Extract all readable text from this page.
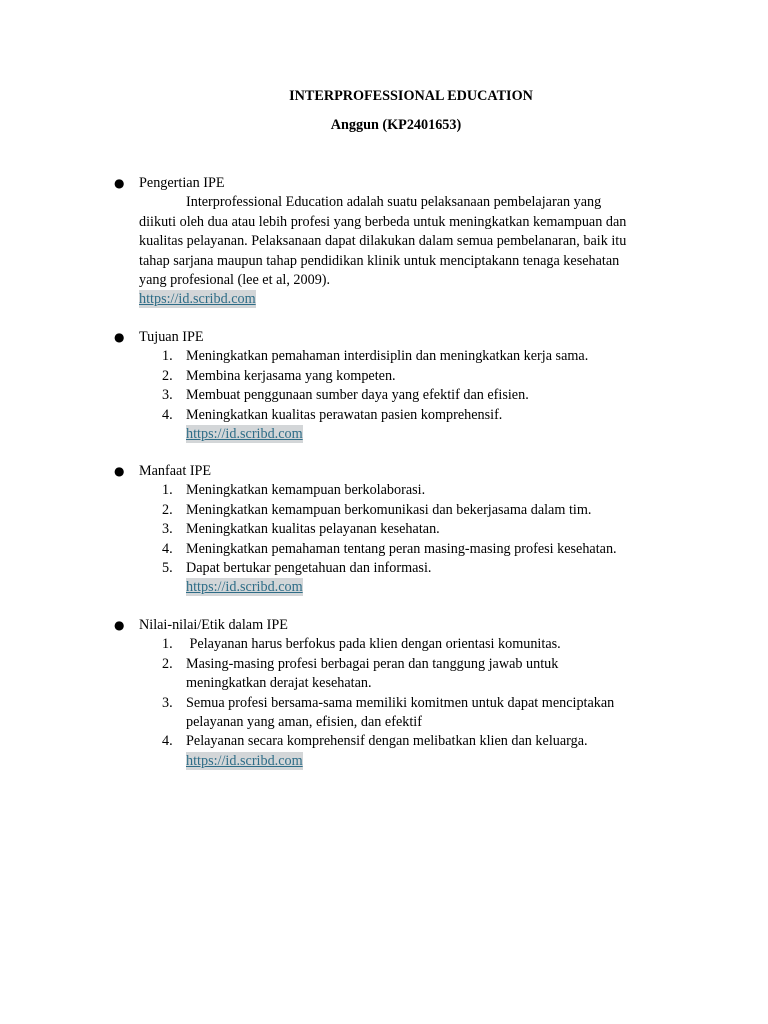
INTERPROFESSIONAL EDUCATION
Anggun (KP2401653)
● Pengertian IPE

Interprofessional Education adalah suatu pelaksanaan pembelajaran yang
diikuti oleh dua atau lebih profesi yang berbeda untuk meningkatkan kemampuan dan
kualitas pelayanan. Pelaksanaan dapat dilakukan dalam semua pembelanaran, baik itu
tahap sarjana maupun tahap pendidikan klinik untuk menciptakann tenaga kesehatan
yang profesional (lee et al, 2009).

https://id.scribd.com
● Tujuan IPE
1. Meningkatkan pemahaman interdisiplin dan meningkatkan kerja sama.
2. Membina kerjasama yang kompeten.
3. Membuat penggunaan sumber daya yang efektif dan efisien.
4. Meningkatkan kualitas perawatan pasien komprehensif.
https://id.scribd.com
● Manfaat IPE
1. Meningkatkan kemampuan berkolaborasi.
2. Meningkatkan kemampuan berkomunikasi dan bekerjasama dalam tim.
3. Meningkatkan kualitas pelayanan kesehatan.
4. Meningkatkan pemahaman tentang peran masing-masing profesi kesehatan.
5. Dapat bertukar pengetahuan dan informasi.
https://id.scribd.com
● Nilai-nilai/Etik dalam IPE
1. Pelayanan harus berfokus pada klien dengan orientasi komunitas.
2. Masing-masing profesi berbagai peran dan tanggung jawab untuk
meningkatkan derajat kesehatan.
3. Semua profesi bersama-sama memiliki komitmen untuk dapat menciptakan
pelayanan yang aman, efisien, dan efektif
4. Pelayanan secara komprehensif dengan melibatkan klien dan keluarga.
https://id.scribd.com
